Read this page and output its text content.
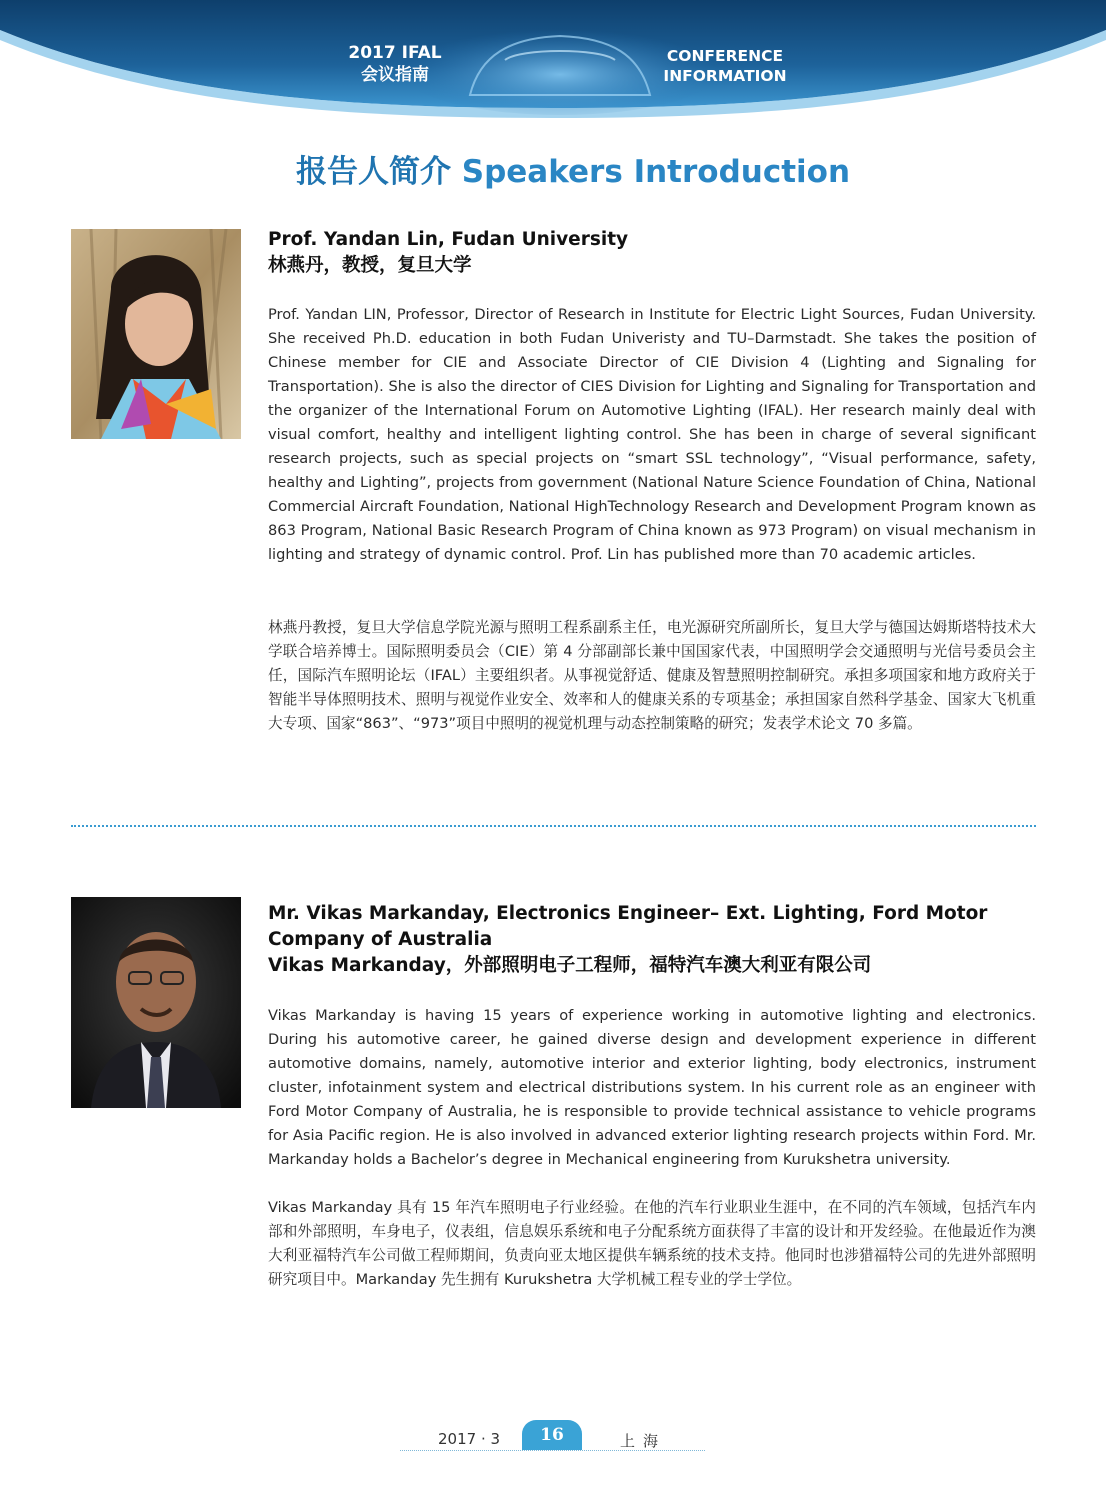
2017 IFAL
会议指南
CONFERENCE
INFORMATION
报告人简介 Speakers Introduction
Prof. Yandan Lin, Fudan University
林燕丹，教授，复旦大学

Prof. Yandan LIN, Professor, Director of Research in Institute for Electric Light Sources, Fudan University. She received Ph.D. education in both Fudan Univeristy and TU–Darmstadt. She takes the position of Chinese member for CIE and Associate Director of CIE Division 4 (Lighting and Signaling for Transportation). She is also the director of CIES Division for Lighting and Signaling for Transportation and the organizer of the International Forum on Automotive Lighting (IFAL). Her research mainly deal with visual comfort, healthy and intelligent lighting control. She has been in charge of several significant research projects, such as special projects on “smart SSL technology”, “Visual performance, safety, healthy and Lighting”, projects from government (National Nature Science Foundation of China, National Commercial Aircraft Foundation, National HighTechnology Research and Development Program known as 863 Program, National Basic Research Program of China known as 973 Program) on visual mechanism in lighting and strategy of dynamic control. Prof. Lin has published more than 70 academic articles.

林燕丹教授，复旦大学信息学院光源与照明工程系副系主任，电光源研究所副所长，复旦大学与德国达姆斯塔特技术大学联合培养博士。国际照明委员会（CIE）第 4 分部副部长兼中国国家代表，中国照明学会交通照明与光信号委员会主任，国际汽车照明论坛（IFAL）主要组织者。从事视觉舒适、健康及智慧照明控制研究。承担多项国家和地方政府关于智能半导体照明技术、照明与视觉作业安全、效率和人的健康关系的专项基金；承担国家自然科学基金、国家大飞机重大专项、国家“863”、“973”项目中照明的视觉机理与动态控制策略的研究；发表学术论文 70 多篇。

Mr. Vikas Markanday, Electronics Engineer– Ext. Lighting, Ford Motor
Company of Australia
Vikas Markanday，外部照明电子工程师，福特汽车澳大利亚有限公司

Vikas Markanday is having 15 years of experience working in automotive lighting and electronics. During his automotive career, he gained diverse design and development experience in different automotive domains, namely, automotive interior and exterior lighting, body electronics, instrument cluster, infotainment system and electrical distributions system. In his current role as an engineer with Ford Motor Company of Australia, he is responsible to provide technical assistance to vehicle programs for Asia Pacific region. He is also involved in advanced exterior lighting research projects within Ford. Mr. Markanday holds a Bachelor’s degree in Mechanical engineering from Kurukshetra university.

Vikas Markanday 具有 15 年汽车照明电子行业经验。在他的汽车行业职业生涯中，在不同的汽车领域，包括汽车内部和外部照明，车身电子，仪表组，信息娱乐系统和电子分配系统方面获得了丰富的设计和开发经验。在他最近作为澳大利亚福特汽车公司做工程师期间，负责向亚太地区提供车辆系统的技术支持。他同时也涉猎福特公司的先进外部照明研究项目中。Markanday 先生拥有 Kurukshetra 大学机械工程专业的学士学位。

2017 · 3	16	上海
